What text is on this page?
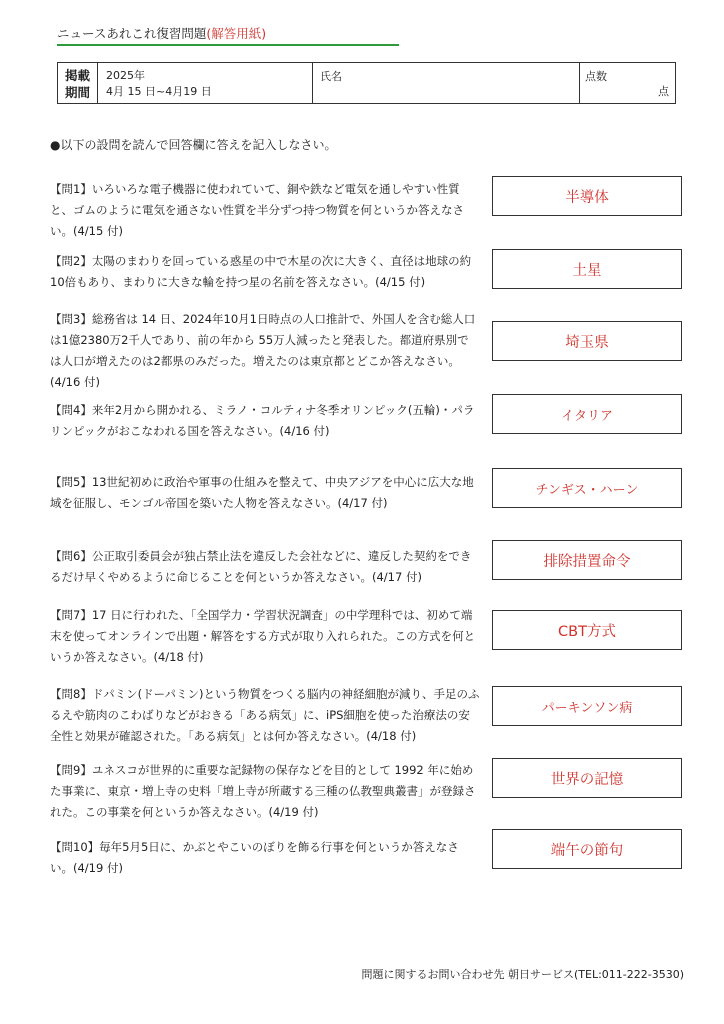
ニュースあれこれ復習問題(解答用紙)
掲載
期間
2025年
4月 15 日~4月19 日
氏名	点数
点
●以下の設問を読んで回答欄に答えを記入しなさい。
【問1】いろいろな電子機器に使われていて、銅や鉄など電気を通しやすい性質と、ゴムのように電気を通さない性質を半分ずつ持つ物質を何というか答えなさい。(4/15 付)
半導体
【問2】太陽のまわりを回っている惑星の中で木星の次に大きく、直径は地球の約10倍もあり、まわりに大きな輪を持つ星の名前を答えなさい。(4/15 付)
土星
【問3】総務省は 14 日、2024年10月1日時点の人口推計で、外国人を含む総人口は1億2380万2千人であり、前の年から 55万人減ったと発表した。都道府県別では人口が増えたのは2都県のみだった。増えたのは東京都とどこか答えなさい。(4/16 付)
埼玉県
【問4】来年2月から開かれる、ミラノ・コルティナ冬季オリンピック(五輪)・パラリンピックがおこなわれる国を答えなさい。(4/16 付)
イタリア
【問5】13世紀初めに政治や軍事の仕組みを整えて、中央アジアを中心に広大な地域を征服し、モンゴル帝国を築いた人物を答えなさい。(4/17 付)
チンギス・ハーン
【問6】公正取引委員会が独占禁止法を違反した会社などに、違反した契約をできるだけ早くやめるように命じることを何というか答えなさい。(4/17 付)
排除措置命令
【問7】17 日に行われた、「全国学力・学習状況調査」の中学理科では、初めて端末を使ってオンラインで出題・解答をする方式が取り入れられた。この方式を何というか答えなさい。(4/18 付)
CBT方式
【問8】ドパミン(ドーパミン)という物質をつくる脳内の神経細胞が減り、手足のふるえや筋肉のこわばりなどがおきる「ある病気」に、iPS細胞を使った治療法の安全性と効果が確認された。「ある病気」とは何か答えなさい。(4/18 付)
パーキンソン病
【問9】ユネスコが世界的に重要な記録物の保存などを目的として 1992 年に始めた事業に、東京・増上寺の史料「増上寺が所蔵する三種の仏教聖典叢書」が登録された。この事業を何というか答えなさい。(4/19 付)
世界の記憶
【問10】毎年5月5日に、かぶとやこいのぼりを飾る行事を何というか答えなさい。(4/19 付)
端午の節句
問題に関するお問い合わせ先 朝日サービス(TEL:011-222-3530)
